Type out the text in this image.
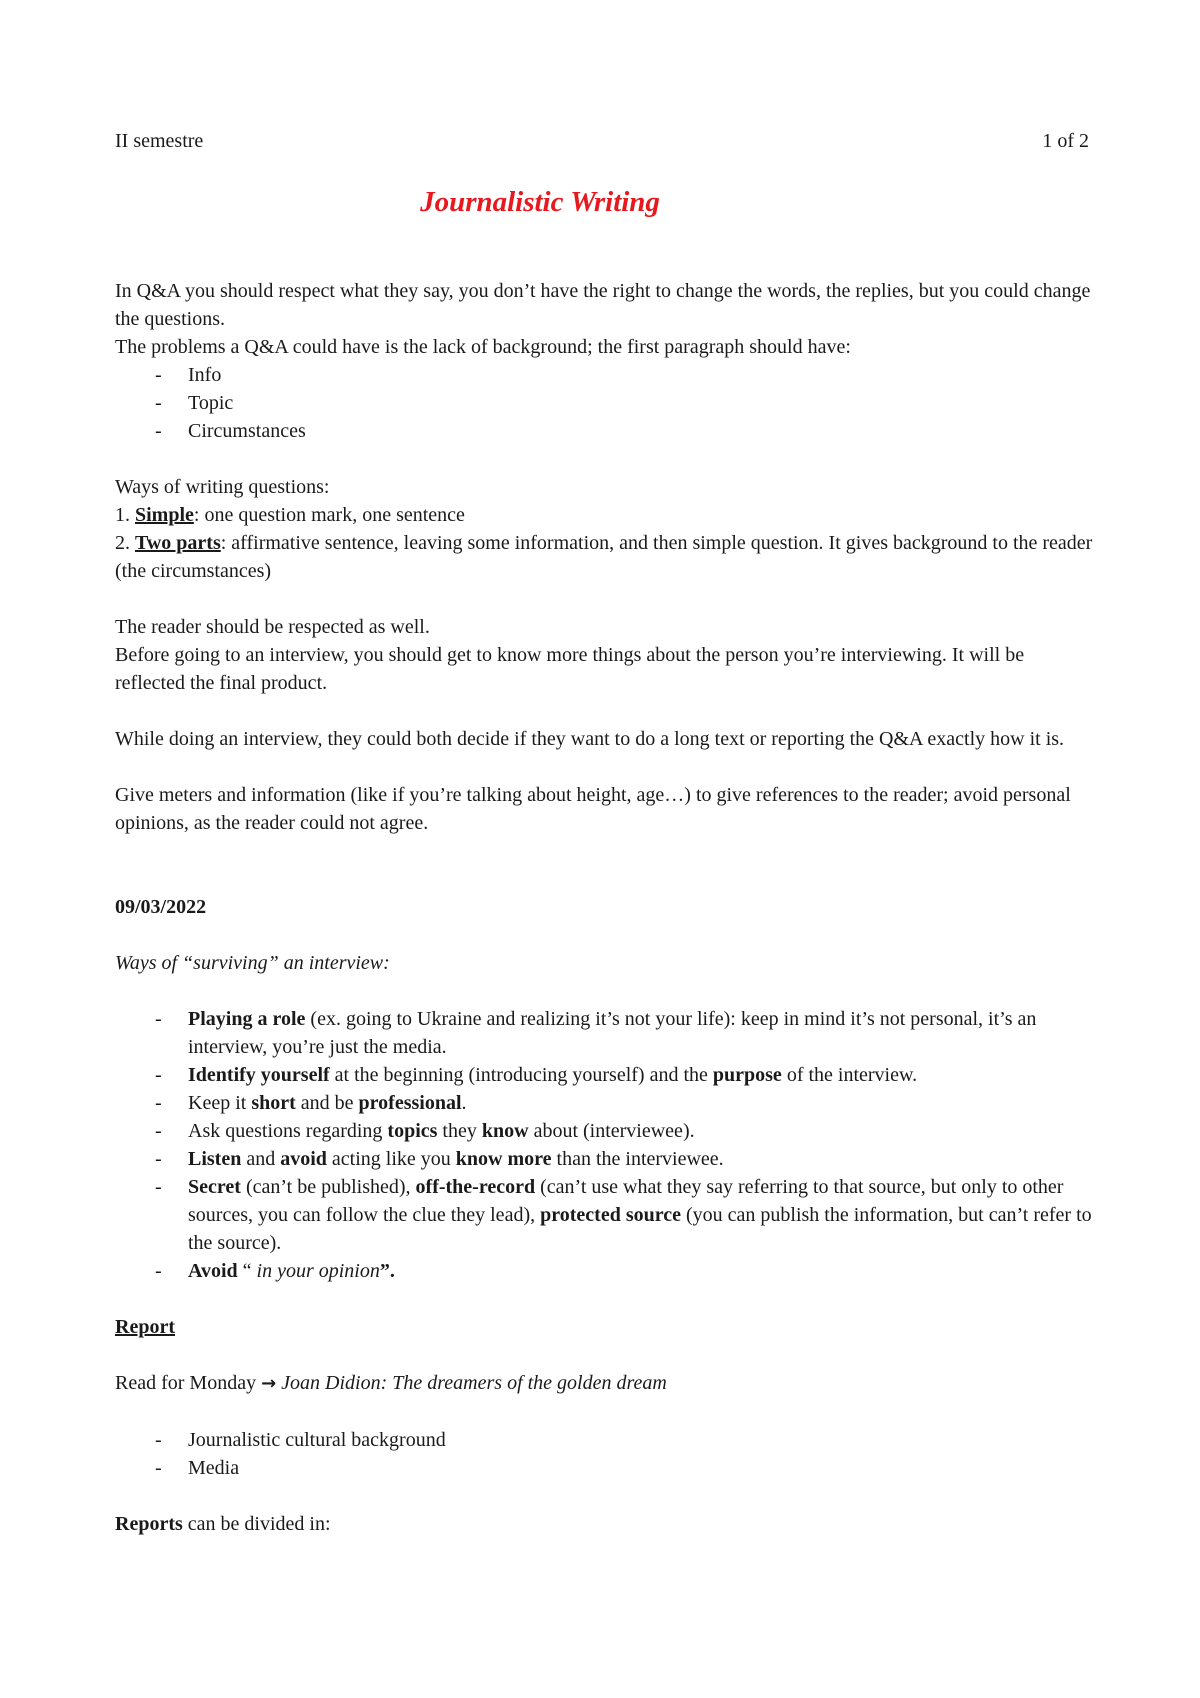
II semestre	1 of 2
Journalistic Writing

In Q&A you should respect what they say, you don’t have the right to change the words, the replies, but you could change the questions.

The problems a Q&A could have is the lack of background; the first paragraph should have:

- Info
- Topic
- Circumstances

Ways of writing questions:

1. Simple: one question mark, one sentence

2. Two parts: affirmative sentence, leaving some information, and then simple question. It gives background to the reader (the circumstances)

The reader should be respected as well.

Before going to an interview, you should get to know more things about the person you’re interviewing. It will be reflected the final product.

While doing an interview, they could both decide if they want to do a long text or reporting the Q&A exactly how it is.

Give meters and information (like if you’re talking about height, age…) to give references to the reader; avoid personal opinions, as the reader could not agree.

09/03/2022

Ways of “surviving” an interview:

- Playing a role (ex. going to Ukraine and realizing it’s not your life): keep in mind it’s not personal, it’s an interview, you’re just the media.
- Identify yourself at the beginning (introducing yourself) and the purpose of the interview.
- Keep it short and be professional.
- Ask questions regarding topics they know about (interviewee).
- Listen and avoid acting like you know more than the interviewee.
- Secret (can’t be published), off-the-record (can’t use what they say referring to that source, but only to other sources, you can follow the clue they lead), protected source (you can publish the information, but can’t refer to the source).
- Avoid “ in your opinion”.

Report

Read for Monday → Joan Didion: The dreamers of the golden dream

- Journalistic cultural background
- Media

Reports can be divided in:
